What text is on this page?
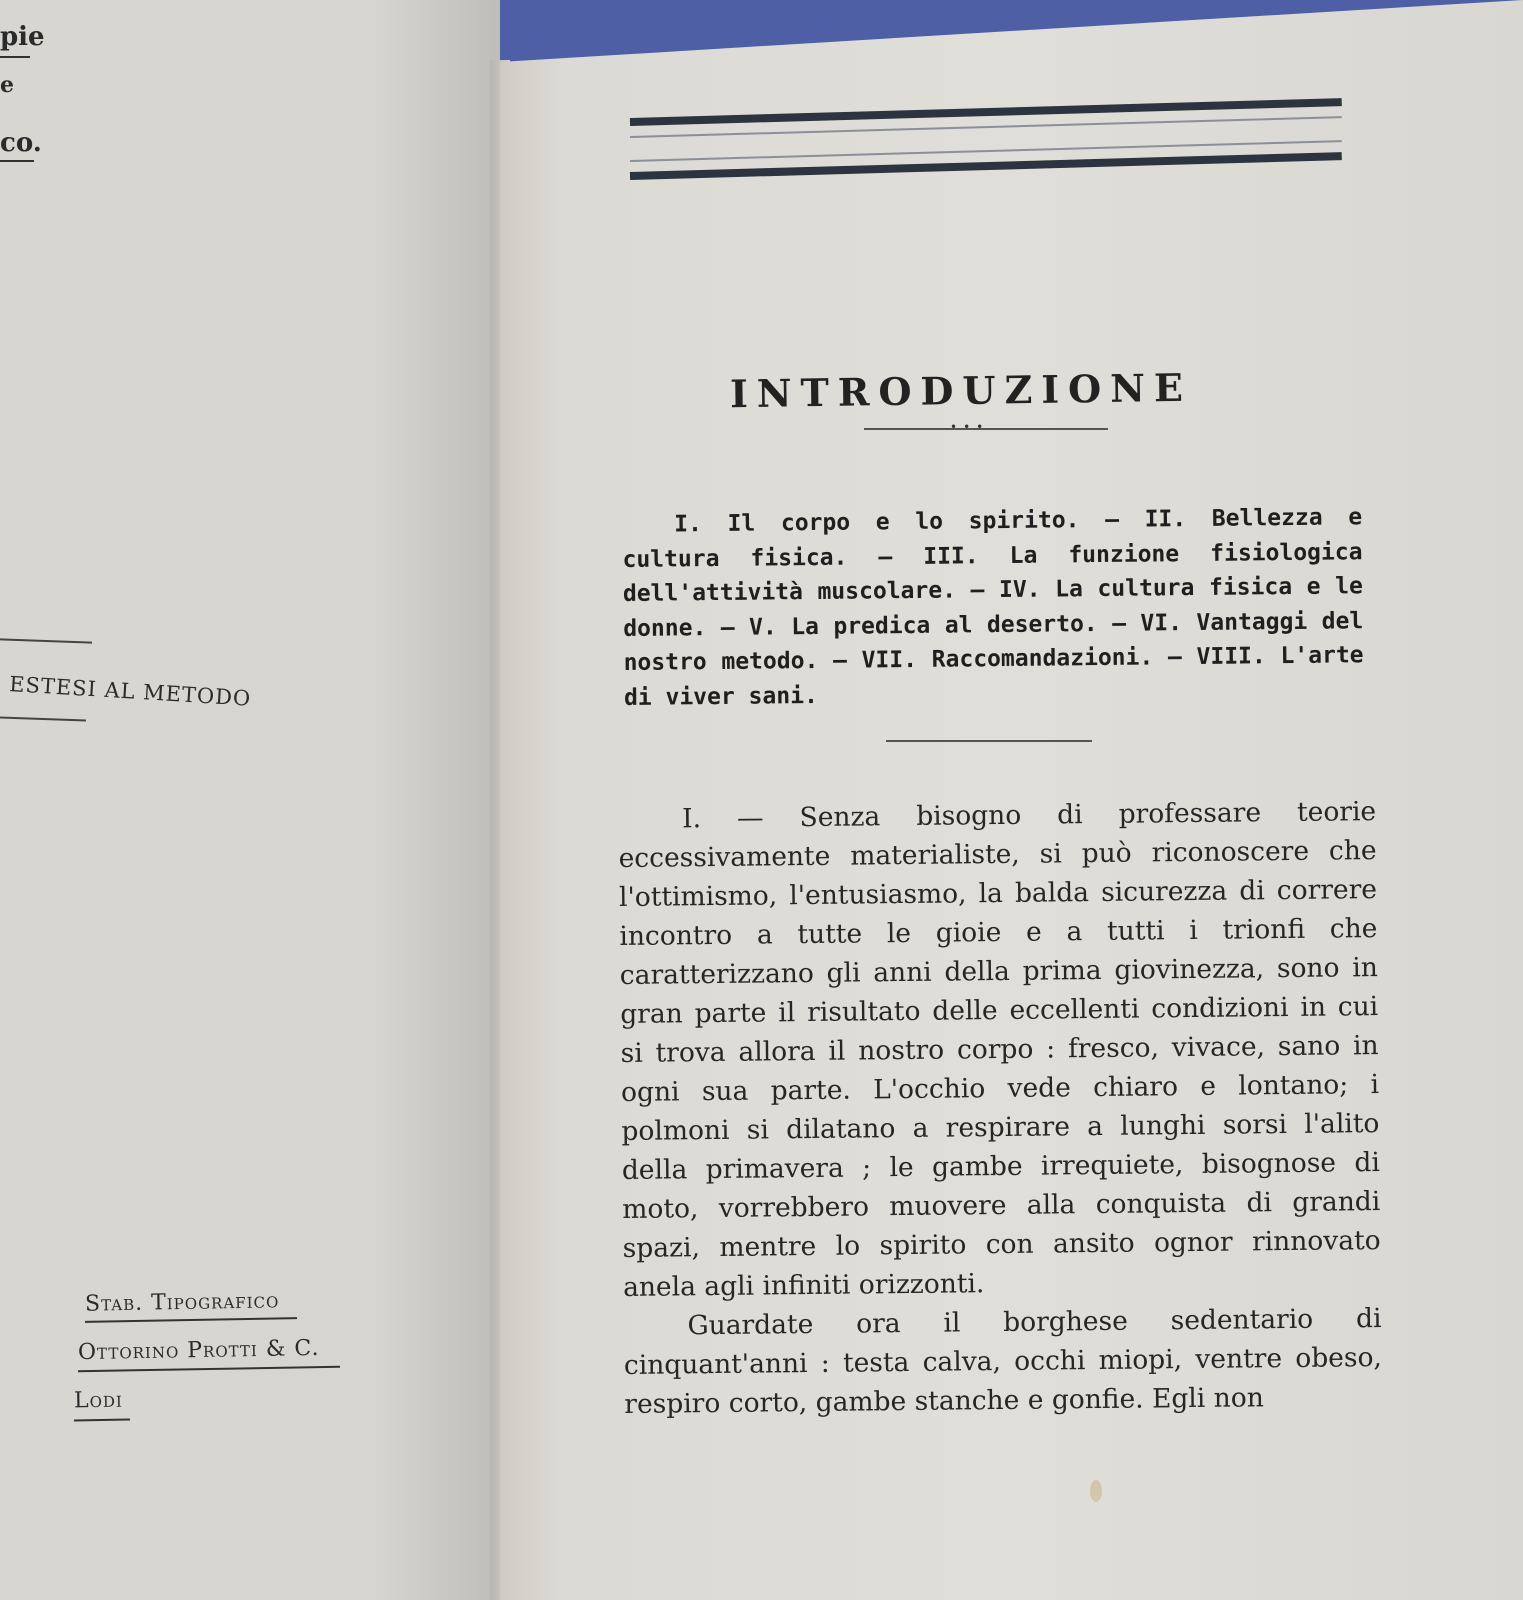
pie
e
co.
ESTESI AL METODO
Stab. Tipografico
Ottorino Protti & C.
Lodi
INTRODUZIONE
•••
I. Il corpo e lo spirito. — II. Bellezza e cultura fisica. — III. La funzione fisiologica dell'attività muscolare. — IV. La cultura fisica e le donne. — V. La predica al deserto. — VI. Vantaggi del nostro metodo. — VII. Raccomandazioni. — VIII. L'arte di viver sani.

I. — Senza bisogno di professare teorie eccessivamente materialiste, si può riconoscere che l'ottimismo, l'entusiasmo, la balda sicurezza di correre incontro a tutte le gioie e a tutti i trionfi che caratterizzano gli anni della prima giovinezza, sono in gran parte il risultato delle eccellenti condizioni in cui si trova allora il nostro corpo : fresco, vivace, sano in ogni sua parte. L'occhio vede chiaro e lontano; i polmoni si dilatano a respirare a lunghi sorsi l'alito della primavera ; le gambe irrequiete, bisognose di moto, vorrebbero muovere alla conquista di grandi spazi, mentre lo spirito con ansito ognor rinnovato anela agli infiniti orizzonti.

Guardate ora il borghese sedentario di cinquant'anni : testa calva, occhi miopi, ventre obeso, respiro corto, gambe stanche e gonfie. Egli non
